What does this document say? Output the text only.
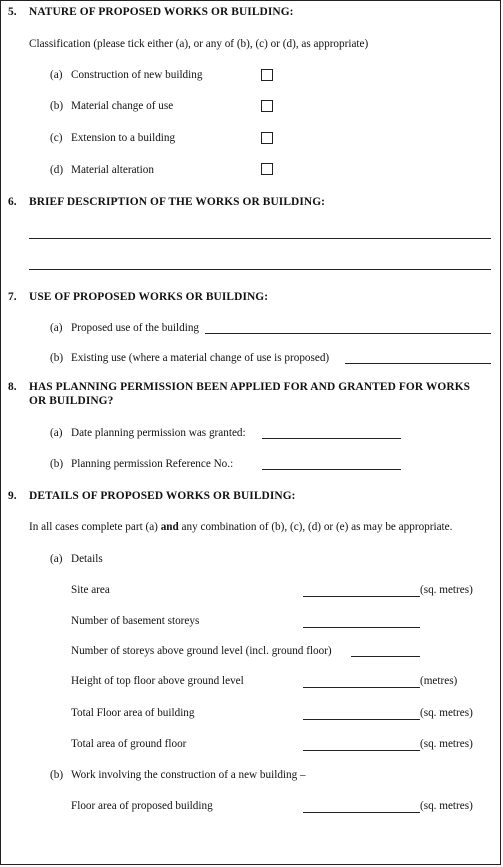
5. NATURE OF PROPOSED WORKS OR BUILDING:
Classification (please tick either (a), or any of (b), (c) or (d), as appropriate)
(a) Construction of new building
(b) Material change of use
(c) Extension to a building
(d) Material alteration
6. BRIEF DESCRIPTION OF THE WORKS OR BUILDING:
7. USE OF PROPOSED WORKS OR BUILDING:
(a) Proposed use of the building
(b) Existing use (where a material change of use is proposed)
8. HAS PLANNING PERMISSION BEEN APPLIED FOR AND GRANTED FOR WORKS
OR BUILDING?
(a) Date planning permission was granted:
(b) Planning permission Reference No.:
9. DETAILS OF PROPOSED WORKS OR BUILDING:
In all cases complete part (a) and any combination of (b), (c), (d) or (e) as may be appropriate.
(a) Details
Site area	(sq. metres)
Number of basement storeys
Number of storeys above ground level (incl. ground floor)
Height of top floor above ground level	(metres)
Total Floor area of building	(sq. metres)
Total area of ground floor	(sq. metres)
(b) Work involving the construction of a new building –
Floor area of proposed building	(sq. metres)
